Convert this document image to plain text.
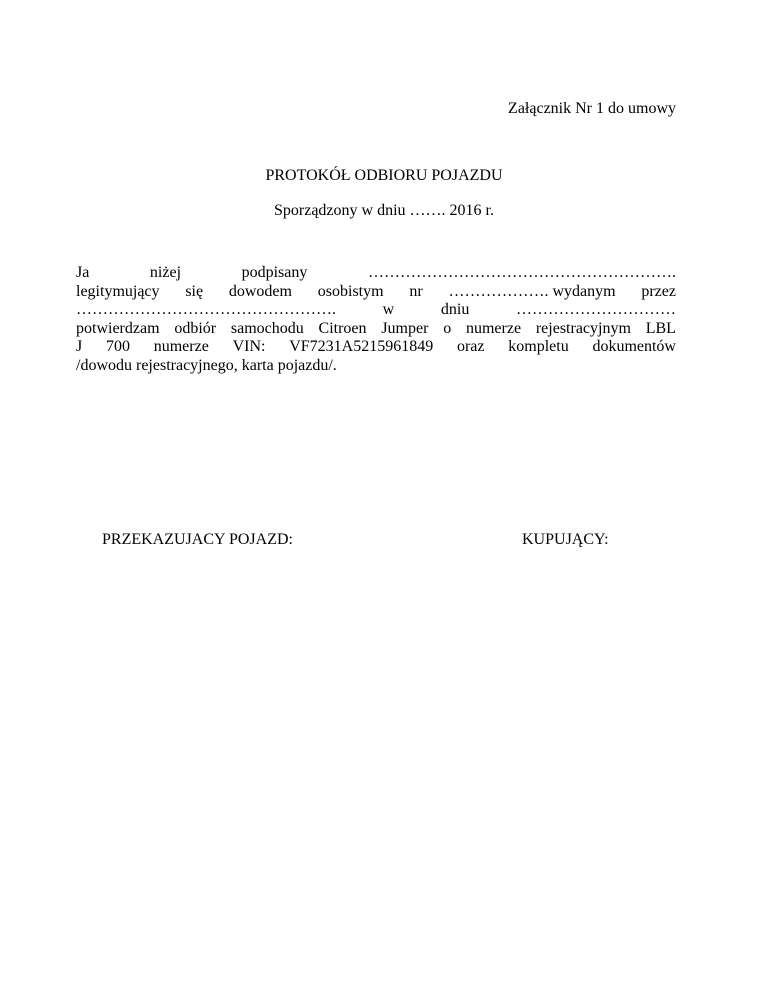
Załącznik Nr 1 do umowy
PROTOKÓŁ ODBIORU POJAZDU
Sporządzony w dniu ……. 2016 r.
Ja	niżej	podpisany	………………………………………………….
legitymujący się dowodem osobistym nr ………………. wydanym przez
………………………………………….	w	dniu	…………………………
potwierdzam odbiór samochodu Citroen Jumper o numerze rejestracyjnym LBL
J 700 numerze VIN: VF7231A5215961849 oraz kompletu dokumentów
/dowodu rejestracyjnego, karta pojazdu/.
PRZEKAZUJACY POJAZD:	KUPUJĄCY:
